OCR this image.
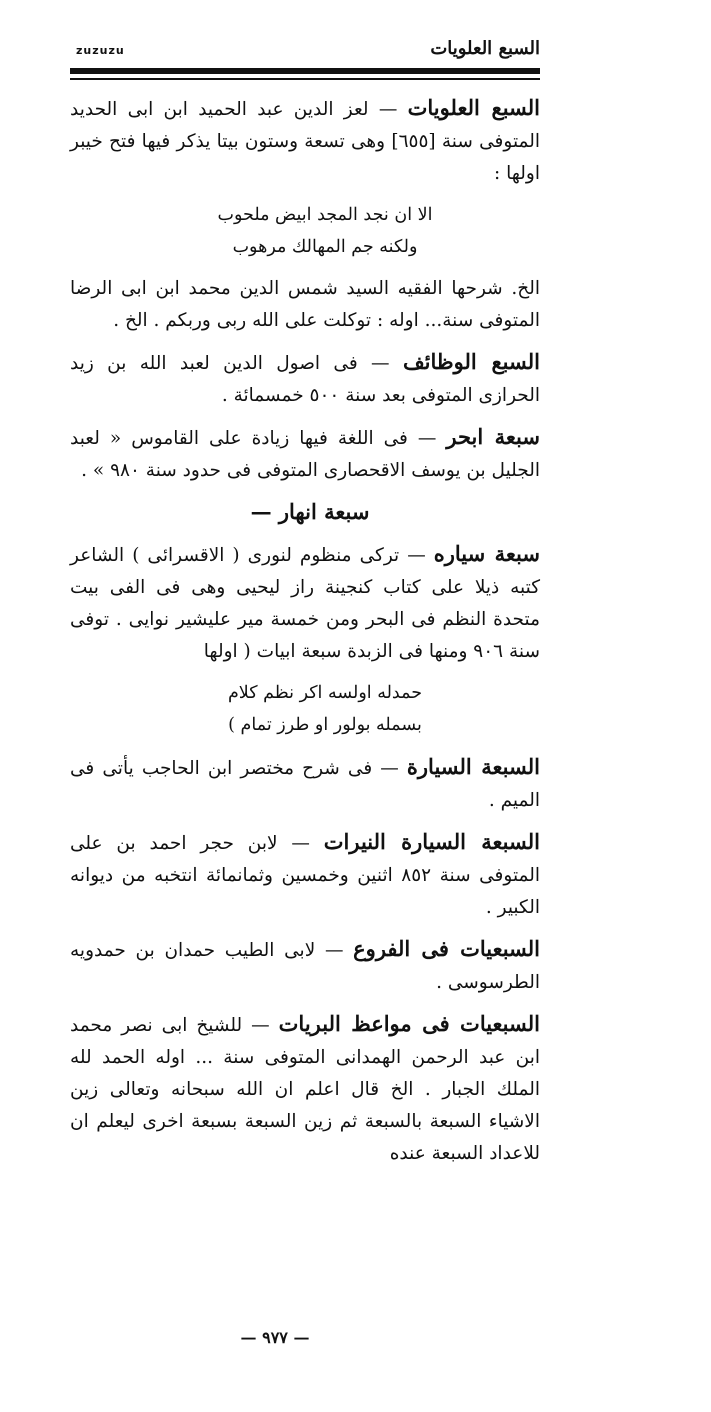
السبع العلويات
zuzuzu

السبع العلويات — لعز الدين عبد الحميد ابن ابى الحديد المتوفى سنة [٦٥٥] وهى تسعة وستون بيتا يذكر فيها فتح خيبر اولها :

الا ان نجد المجد ابيض ملحوب
ولكنه جم المهالك مرهوب

الخ. شرحها الفقيه السيد شمس الدين محمد ابن ابى الرضا المتوفى سنة... اوله : توكلت على الله ربى وربكم . الخ .

السبع الوظائف — فى اصول الدين لعبد الله بن زيد الحرازى المتوفى بعد سنة ٥٠٠ خمسمائة .

سبعة ابحر — فى اللغة فيها زيادة على القاموس « لعبد الجليل بن يوسف الاقحصارى المتوفى فى حدود سنة ٩٨٠ » .

سبعة انهار —

سبعة سياره — تركى منظوم لنورى ( الاقسرائى ) الشاعر كتبه ذيلا على كتاب كنجينة راز ليحيى وهى فى الفى بيت متحدة النظم فى البحر ومن خمسة مير عليشير نوايى . توفى سنة ٩٠٦ ومنها فى الزبدة سبعة ابيات ( اولها

حمدله اولسه اكر نظم كلام
بسمله بولور او طرز تمام )

السبعة السيارة — فى شرح مختصر ابن الحاجب يأتى فى الميم .

السبعة السيارة النيرات — لابن حجر احمد بن على المتوفى سنة ٨٥٢ اثنين وخمسين وثمانمائة انتخبه من ديوانه الكبير .

السبعيات فى الفروع — لابى الطيب حمدان بن حمدويه الطرسوسى .

السبعيات فى مواعظ البريات — للشيخ ابى نصر محمد ابن عبد الرحمن الهمدانى المتوفى سنة ... اوله الحمد لله الملك الجبار . الخ قال اعلم ان الله سبحانه وتعالى زين الاشياء السبعة بالسبعة ثم زين السبعة بسبعة اخرى ليعلم ان للاعداد السبعة عنده

— ٩٧٧ —
